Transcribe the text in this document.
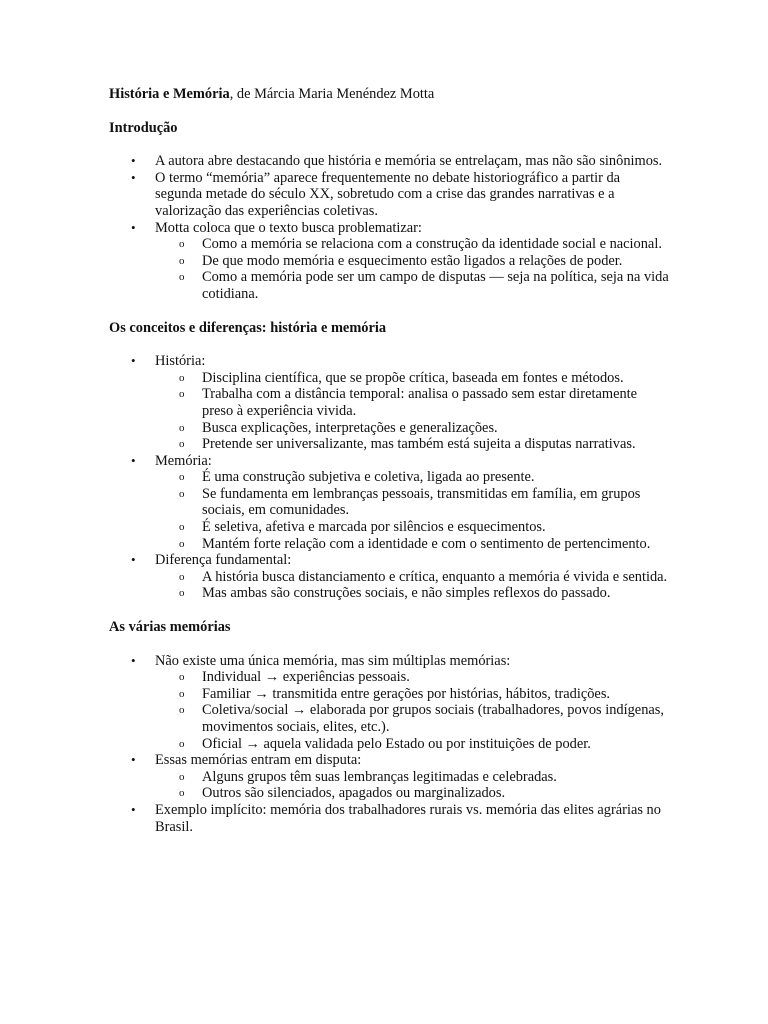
História e Memória, de Márcia Maria Menéndez Motta

Introdução
• A autora abre destacando que história e memória se entrelaçam, mas não são sinônimos.
• O termo “memória” aparece frequentemente no debate historiográfico a partir da segunda metade do século XX, sobretudo com a crise das grandes narrativas e a valorização das experiências coletivas.
• Motta coloca que o texto busca problematizar:
o Como a memória se relaciona com a construção da identidade social e nacional.
o De que modo memória e esquecimento estão ligados a relações de poder.
o Como a memória pode ser um campo de disputas — seja na política, seja na vida cotidiana.
Os conceitos e diferenças: história e memória
• História:
o Disciplina científica, que se propõe crítica, baseada em fontes e métodos.
o Trabalha com a distância temporal: analisa o passado sem estar diretamente preso à experiência vivida.
o Busca explicações, interpretações e generalizações.
o Pretende ser universalizante, mas também está sujeita a disputas narrativas.
• Memória:
o É uma construção subjetiva e coletiva, ligada ao presente.
o Se fundamenta em lembranças pessoais, transmitidas em família, em grupos sociais, em comunidades.
o É seletiva, afetiva e marcada por silêncios e esquecimentos.
o Mantém forte relação com a identidade e com o sentimento de pertencimento.
• Diferença fundamental:
o A história busca distanciamento e crítica, enquanto a memória é vivida e sentida.
o Mas ambas são construções sociais, e não simples reflexos do passado.
As várias memórias
• Não existe uma única memória, mas sim múltiplas memórias:
o Individual → experiências pessoais.
o Familiar → transmitida entre gerações por histórias, hábitos, tradições.
o Coletiva/social → elaborada por grupos sociais (trabalhadores, povos indígenas, movimentos sociais, elites, etc.).
o Oficial → aquela validada pelo Estado ou por instituições de poder.
• Essas memórias entram em disputa:
o Alguns grupos têm suas lembranças legitimadas e celebradas.
o Outros são silenciados, apagados ou marginalizados.
• Exemplo implícito: memória dos trabalhadores rurais vs. memória das elites agrárias no Brasil.
